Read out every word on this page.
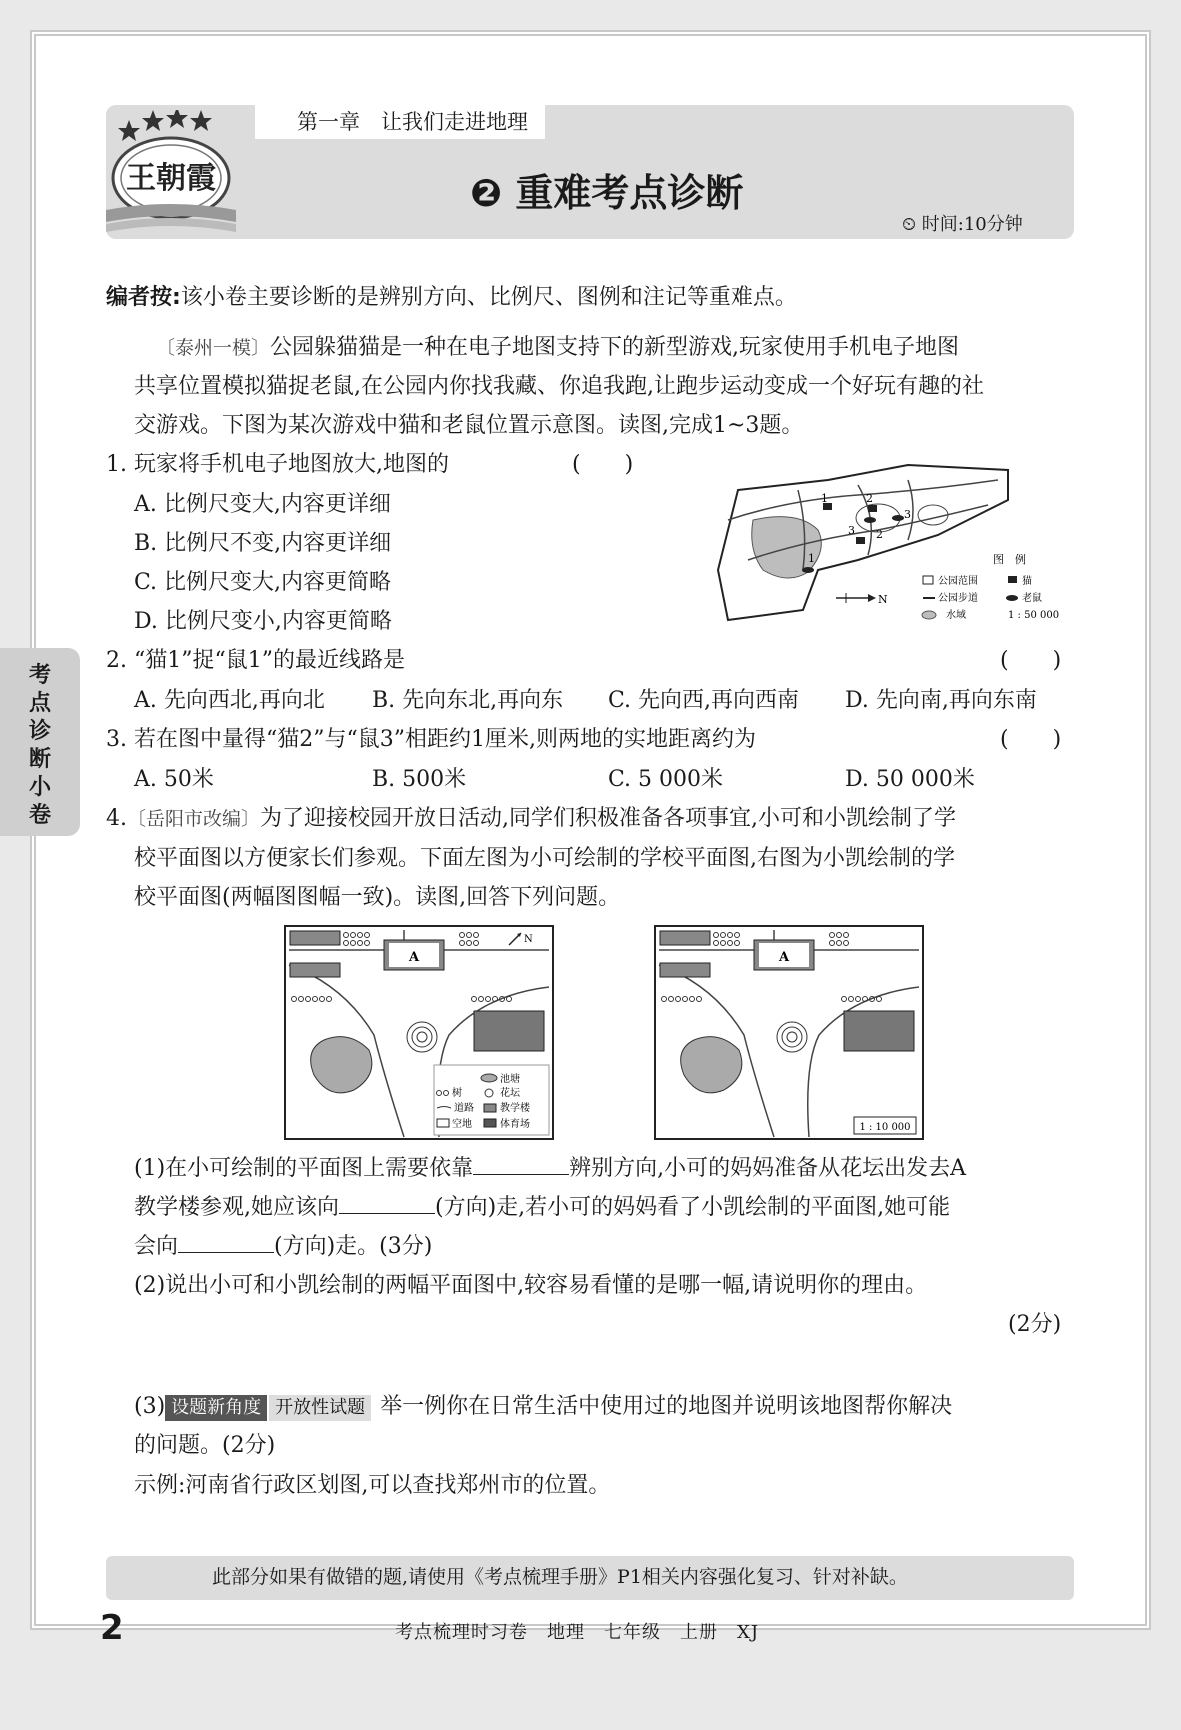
王朝霞
第一章　让我们走进地理
❷ 重难考点诊断
⏲ 时间:10分钟
考
点
诊
断
小
卷
编者按:该小卷主要诊断的是辨别方向、比例尺、图例和注记等重难点。
〔泰州一模〕公园躲猫猫是一种在电子地图支持下的新型游戏,玩家使用手机电子地图
共享位置模拟猫捉老鼠,在公园内你找我藏、你追我跑,让跑步运动变成一个好玩有趣的社
交游戏。下图为某次游戏中猫和老鼠位置示意图。读图,完成1~3题。
1. 玩家将手机电子地图放大,地图的	(　　)
A. 比例尺变大,内容更详细
B. 比例尺不变,内容更详细
C. 比例尺变大,内容更简略
D. 比例尺变小,内容更简略
1
2
3
1
2
3
N
图　例
公园范围	猫
公园步道	老鼠
水域	1 : 50 000
2. “猫1”捉“鼠1”的最近线路是	(　　)
A. 先向西北,再向北 B. 先向东北,再向东 C. 先向西,再向西南 D. 先向南,再向东南
3. 若在图中量得“猫2”与“鼠3”相距约1厘米,则两地的实地距离约为	(　　)
A. 50米	B. 500米	C. 5 000米	D. 50 000米
4.〔岳阳市改编〕为了迎接校园开放日活动,同学们积极准备各项事宜,小可和小凯绘制了学
校平面图以方便家长们参观。下面左图为小可绘制的学校平面图,右图为小凯绘制的学
校平面图(两幅图图幅一致)。读图,回答下列问题。
A
N
池塘
树	花坛
道路	教学楼
空地	体育场
A
1 : 10 000
(1)在小可绘制的平面图上需要依靠	辨别方向,小可的妈妈准备从花坛出发去A
教学楼参观,她应该向	(方向)走,若小可的妈妈看了小凯绘制的平面图,她可能
会向	(方向)走。(3分)
(2)说出小可和小凯绘制的两幅平面图中,较容易看懂的是哪一幅,请说明你的理由。
(2分)
(3) 设题新角度 开放性试题 举一例你在日常生活中使用过的地图并说明该地图帮你解决
的问题。(2分)
示例:河南省行政区划图,可以查找郑州市的位置。
此部分如果有做错的题,请使用《考点梳理手册》P1相关内容强化复习、针对补缺。
2	考点梳理时习卷　地理　七年级　上册　XJ
